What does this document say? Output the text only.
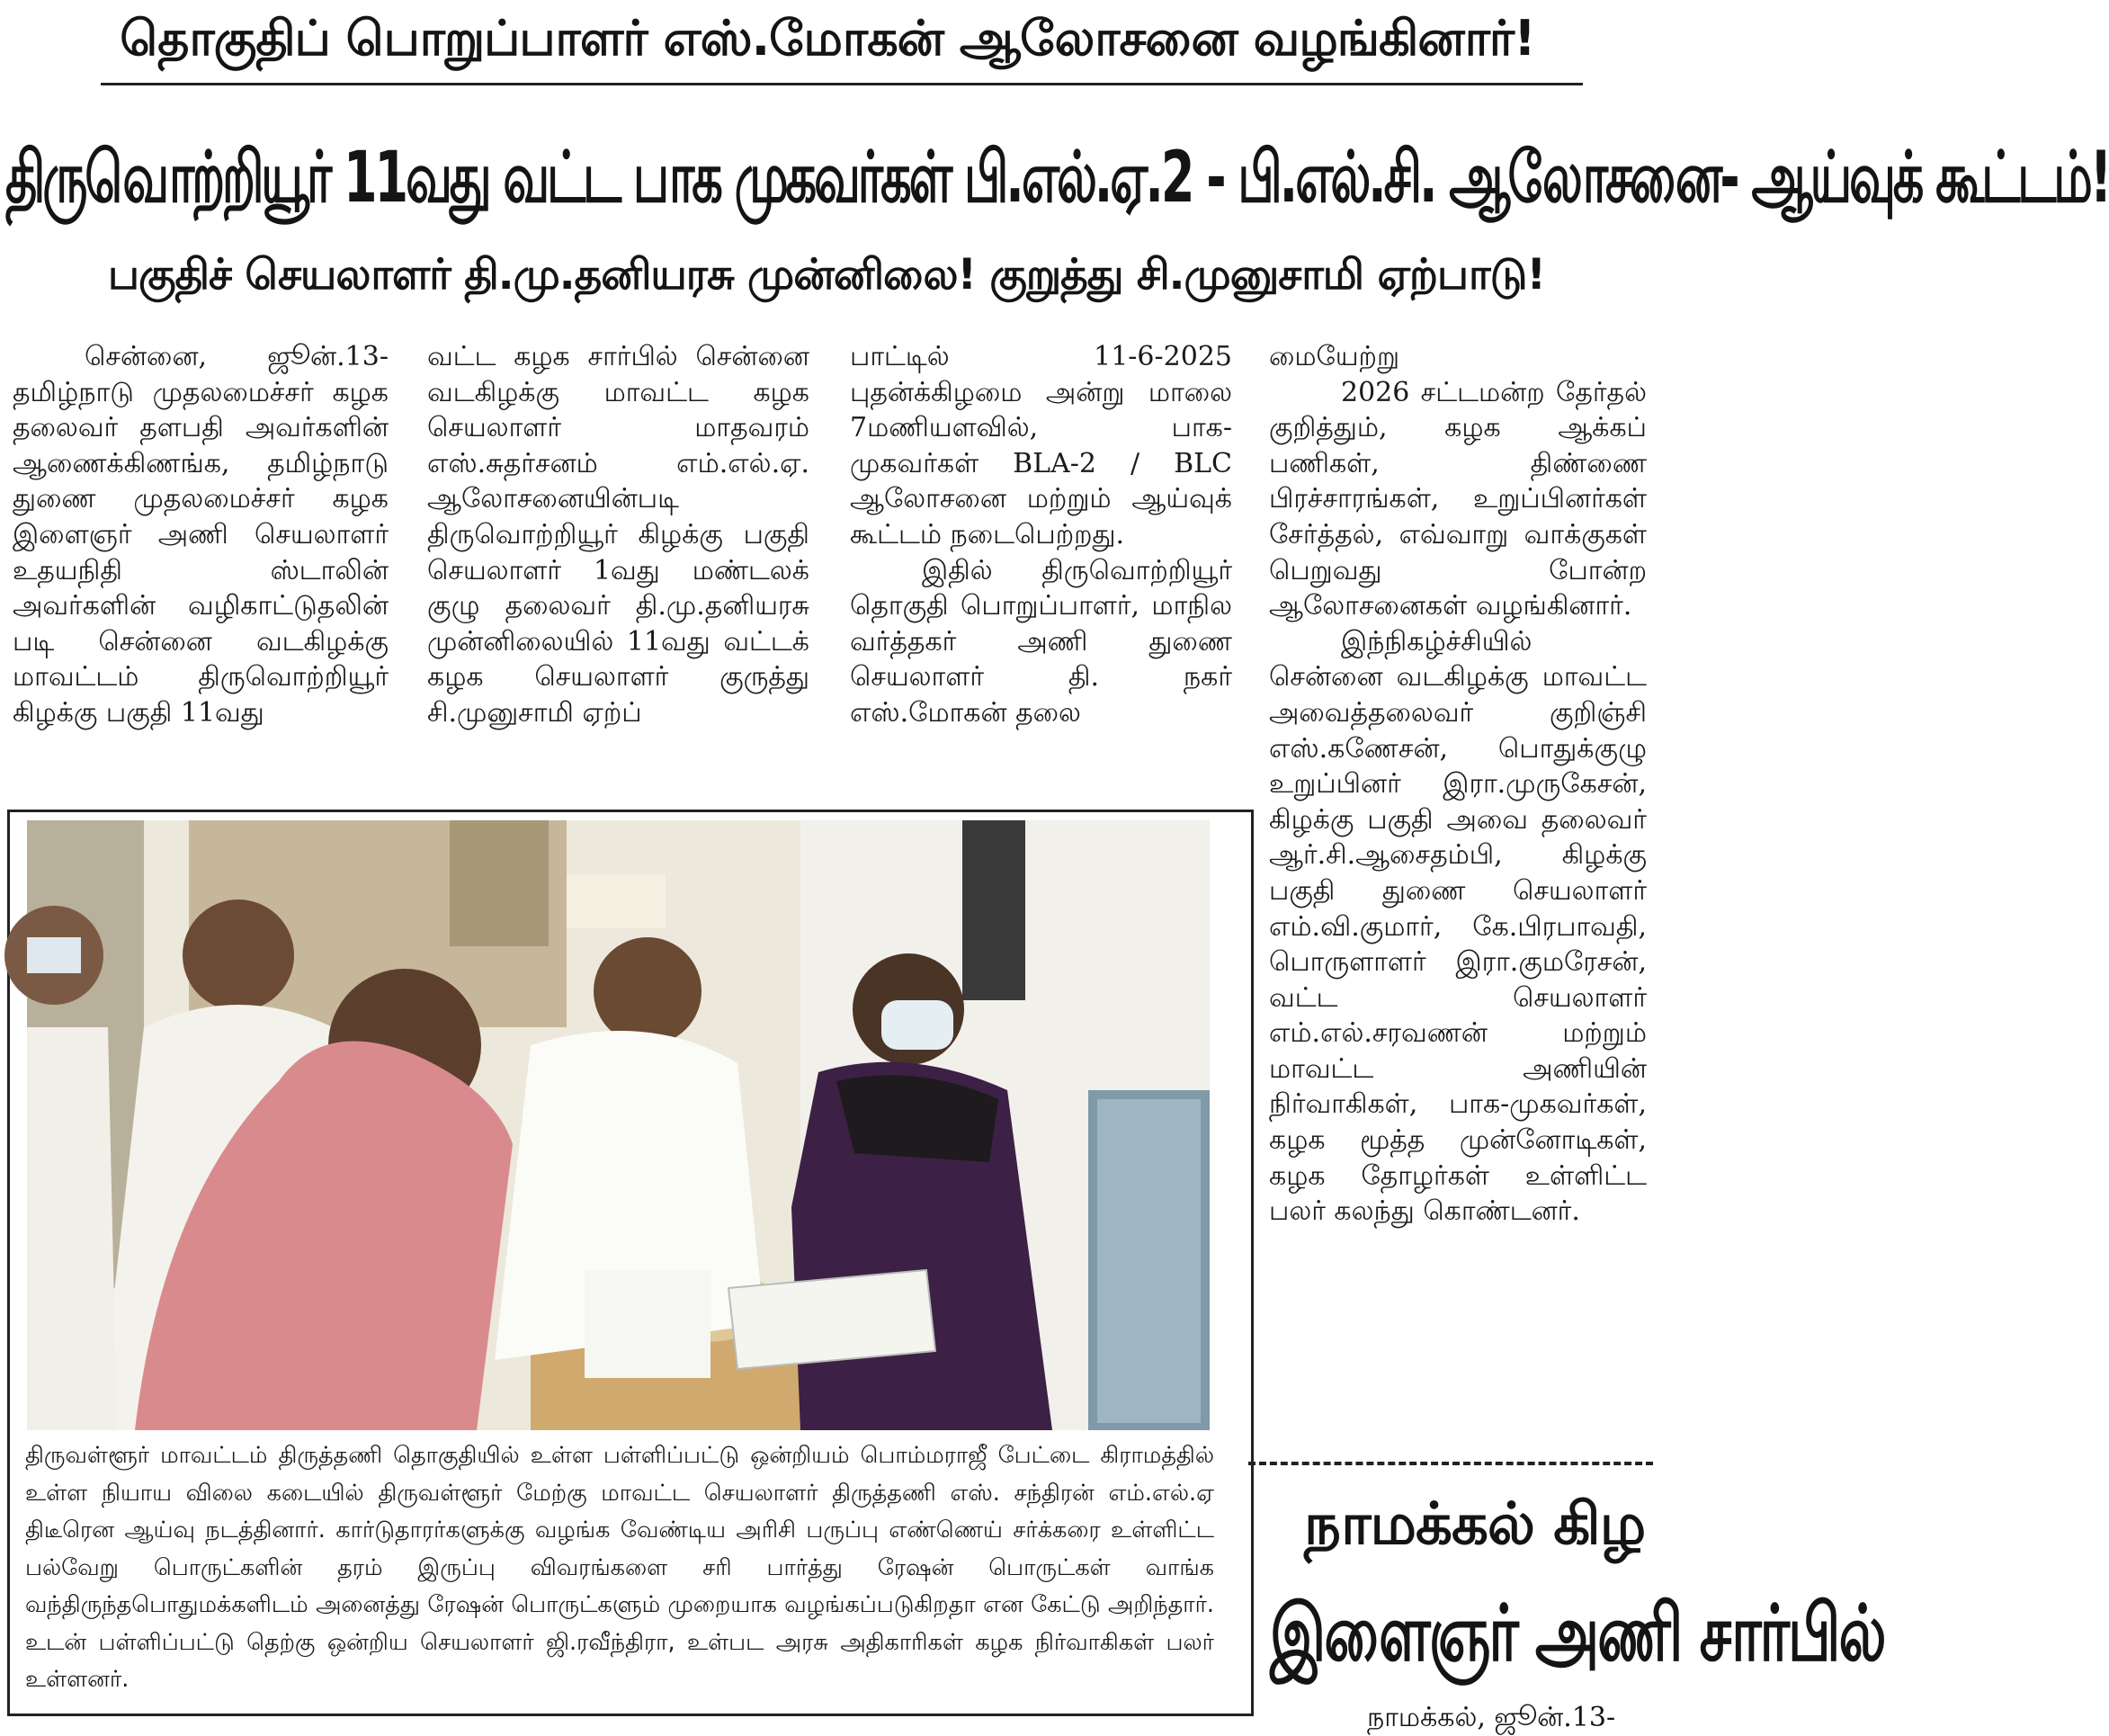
தொகுதிப் பொறுப்பாளர் எஸ்.மோகன் ஆலோசனை வழங்கினார்!
திருவொற்றியூர் 11வது வட்ட பாக முகவர்கள் பி.எல்.ஏ.2 - பி.எல்.சி. ஆலோசனை- ஆய்வுக் கூட்டம்!
பகுதிச் செயலாளர் தி.மு.தனியரசு முன்னிலை! குறுத்து சி.முனுசாமி ஏற்பாடு!

சென்னை, ஜூன்.13- தமிழ்நாடு முதலமைச்சர் கழக தலைவர் தளபதி அவர்களின் ஆணைக்கிணங்க, தமிழ்நாடு துணை முதலமைச்சர் கழக இளைஞர் அணி செயலாளர் உதயநிதி ஸ்டாலின் அவர்களின் வழிகாட்டுதலின் படி சென்னை வடகிழக்கு மாவட்டம் திருவொற்றியூர் கிழக்கு பகுதி 11வது

வட்ட கழக சார்பில் சென்னை வடகிழக்கு மாவட்ட கழக செயலாளர் மாதவரம் எஸ்.சுதர்சனம் எம்.எல்.ஏ. ஆலோசனையின்படி திருவொற்றியூர் கிழக்கு பகுதி செயலாளர் 1வது மண்டலக் குழு தலைவர் தி.மு.தனியரசு முன்னிலையில் 11வது வட்டக் கழக செயலாளர் குருத்து சி.முனுசாமி ஏற்ப்

பாட்டில் 11-6-2025 புதன்க்கிழமை அன்று மாலை 7மணியளவில், பாக-முகவர்கள் BLA-2 / BLC ஆலோசனை மற்றும் ஆய்வுக் கூட்டம் நடைபெற்றது.

இதில் திருவொற்றியூர் தொகுதி பொறுப்பாளர், மாநில வர்த்தகர் அணி துணை செயலாளர் தி. நகர் எஸ்.மோகன் தலை

மையேற்று

2026 சட்டமன்ற தேர்தல் குறித்தும், கழக ஆக்கப் பணிகள், திண்ணை பிரச்சாரங்கள், உறுப்பினர்கள் சேர்த்தல், எவ்வாறு வாக்குகள் பெறுவது போன்ற ஆலோசனைகள் வழங்கினார்.

இந்நிகழ்ச்சியில் சென்னை வடகிழக்கு மாவட்ட அவைத்தலைவர் குறிஞ்சி எஸ்.கணேசன், பொதுக்குழு உறுப்பினர் இரா.முருகேசன், கிழக்கு பகுதி அவை தலைவர் ஆர்.சி.ஆசைதம்பி, கிழக்கு பகுதி துணை செயலாளர் எம்.வி.குமார், கே.பிரபாவதி, பொருளாளர் இரா.குமரேசன், வட்ட செயலாளர் எம்.எல்.சரவணன் மற்றும் மாவட்ட அணியின் நிர்வாகிகள், பாக-முகவர்கள், கழக மூத்த முன்னோடிகள், கழக தோழர்கள் உள்ளிட்ட பலர் கலந்து கொண்டனர்.

திருவள்ளூர் மாவட்டம் திருத்தணி தொகுதியில் உள்ள பள்ளிப்பட்டு ஒன்றியம் பொம்மராஜீ பேட்டை கிராமத்தில் உள்ள நியாய விலை கடையில் திருவள்ளூர் மேற்கு மாவட்ட செயலாளர் திருத்தணி எஸ். சந்திரன் எம்.எல்.ஏ திடீரென ஆய்வு நடத்தினார். கார்டுதாரர்களுக்கு வழங்க வேண்டிய அரிசி பருப்பு எண்ணெய் சர்க்கரை உள்ளிட்ட பல்வேறு பொருட்களின் தரம் இருப்பு விவரங்களை சரி பார்த்து ரேஷன் பொருட்கள் வாங்க வந்திருந்தபொதுமக்களிடம் அனைத்து ரேஷன் பொருட்களும் முறையாக வழங்கப்படுகிறதா என கேட்டு அறிந்தார். உடன் பள்ளிப்பட்டு தெற்கு ஒன்றிய செயலாளர் ஜி.ரவீந்திரா, உள்பட அரசு அதிகாரிகள் கழக நிர்வாகிகள் பலர் உள்ளனர்.
நாமக்கல் கிழ
இளைஞர் அணி சார்பில்
நாமக்கல், ஜூன்.13-
